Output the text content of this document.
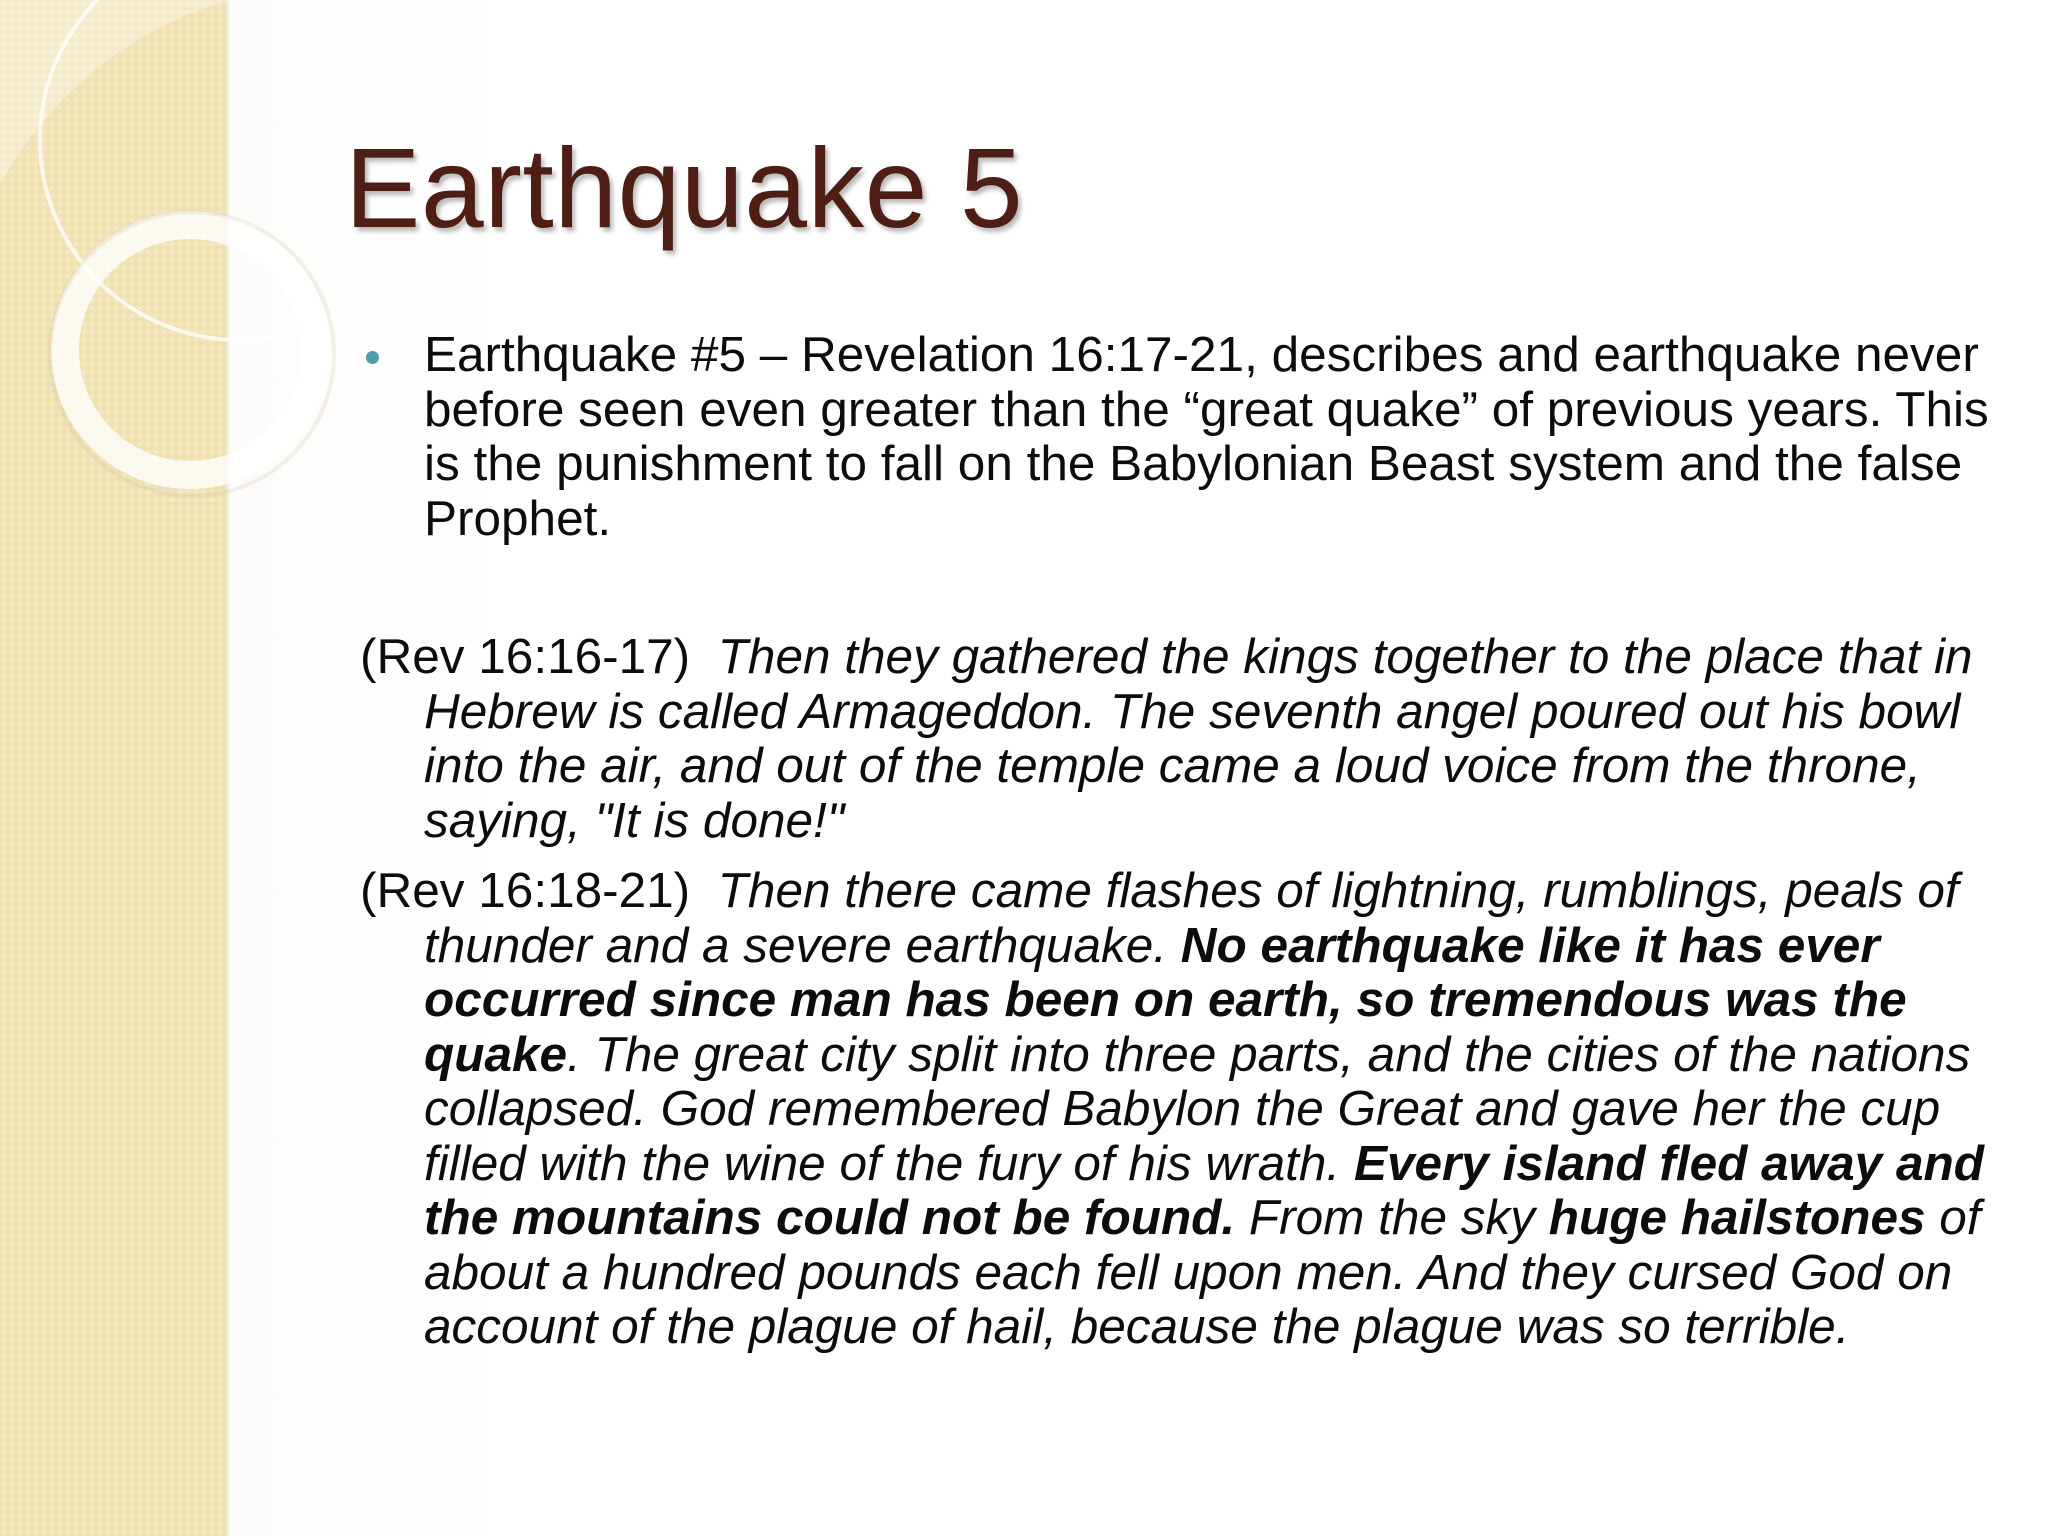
Earthquake 5
Earthquake #5 – Revelation 16:17-21, describes and earthquake never before seen even greater than the “great quake” of previous years. This is the punishment to fall on the Babylonian Beast system and the false Prophet.
(Rev 16:16-17) Then they gathered the kings together to the place that in Hebrew is called Armageddon. The seventh angel poured out his bowl into the air, and out of the temple came a loud voice from the throne, saying, "It is done!"
(Rev 16:18-21) Then there came flashes of lightning, rumblings, peals of thunder and a severe earthquake. No earthquake like it has ever occurred since man has been on earth, so tremendous was the quake. The great city split into three parts, and the cities of the nations collapsed. God remembered Babylon the Great and gave her the cup filled with the wine of the fury of his wrath. Every island fled away and the mountains could not be found. From the sky huge hailstones of about a hundred pounds each fell upon men. And they cursed God on account of the plague of hail, because the plague was so terrible.
